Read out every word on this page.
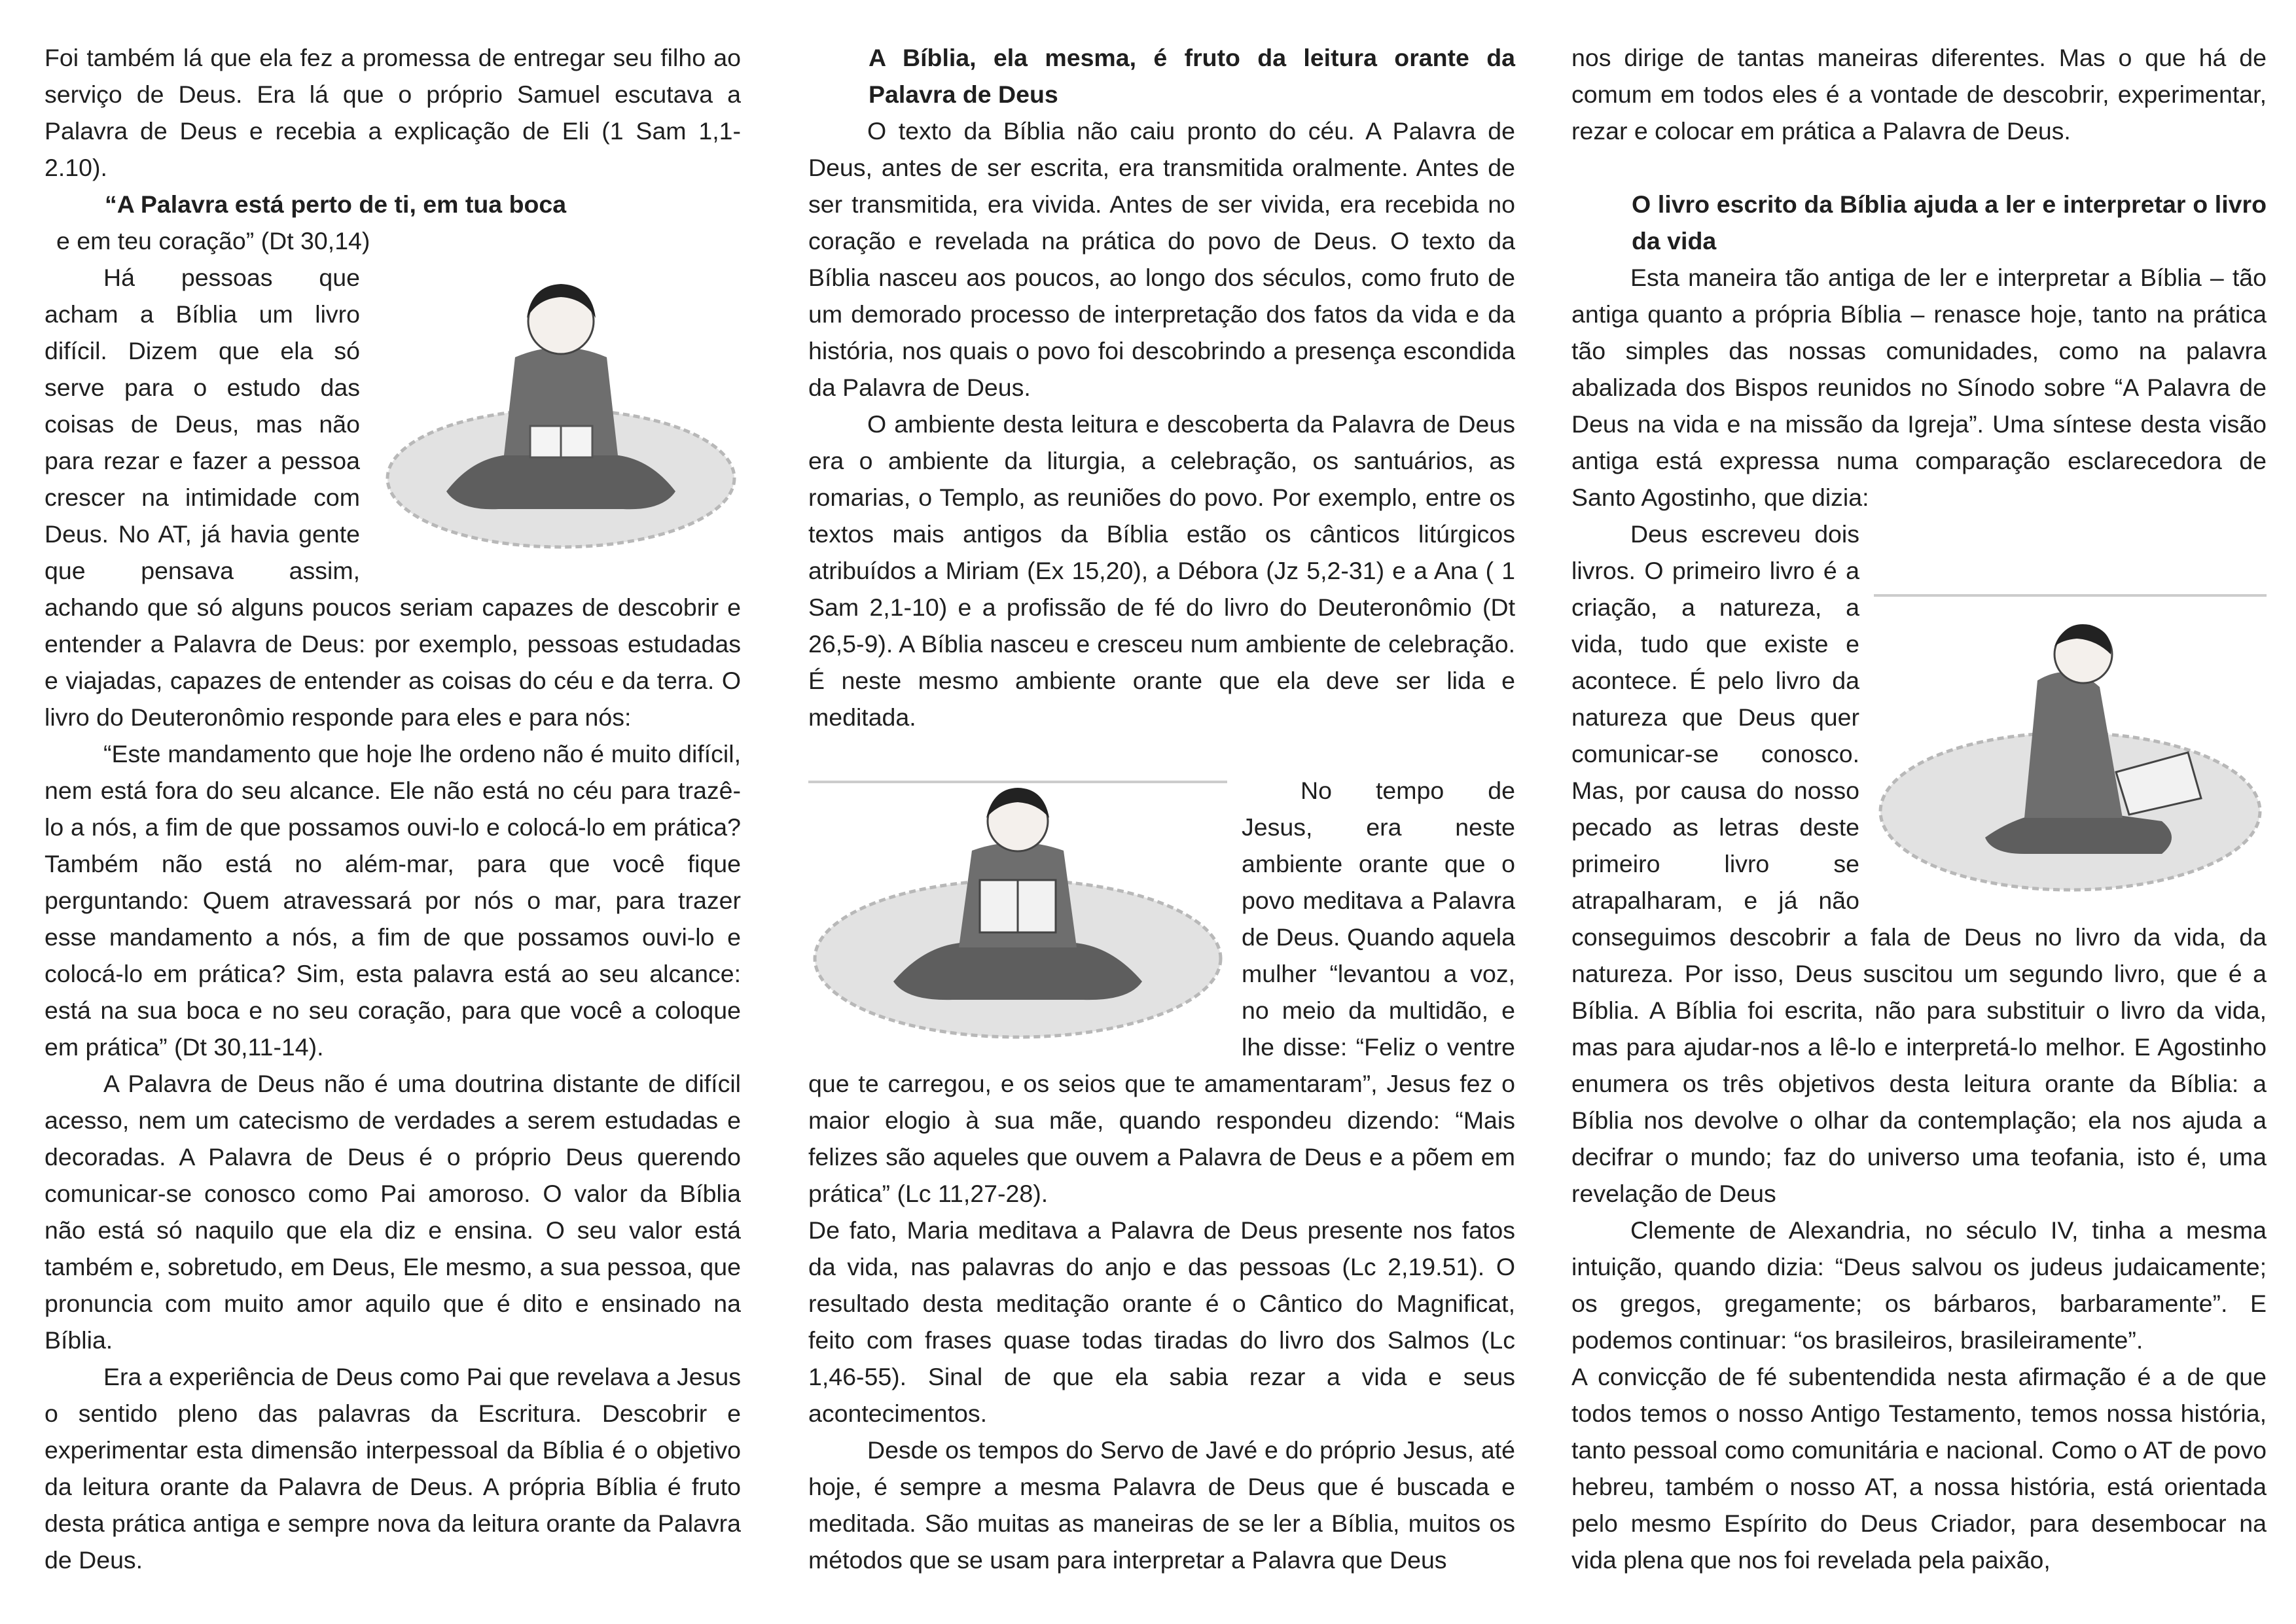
Foi também lá que ela fez a promessa de entregar seu filho ao serviço de Deus. Era lá que o próprio Samuel escutava a Palavra de Deus e recebia a explicação de Eli (1 Sam 1,1-2.10).

“A Palavra está perto de ti, em tua boca

e em teu coração” (Dt 30,14)

Há pessoas que acham a Bíblia um livro difícil. Dizem que ela só serve para o estudo das coisas de Deus, mas não para rezar e fazer a pessoa crescer na intimidade com Deus. No AT, já havia gente que pensava assim, achando que só alguns poucos seriam capazes de descobrir e entender a Palavra de Deus: por exemplo, pessoas estudadas e viajadas, capazes de entender as coisas do céu e da terra. O livro do Deuteronômio responde para eles e para nós:

“Este mandamento que hoje lhe ordeno não é muito difícil, nem está fora do seu alcance. Ele não está no céu para trazê-lo a nós, a fim de que possamos ouvi-lo e colocá-lo em prática? Também não está no além-mar, para que você fique perguntando: Quem atravessará por nós o mar, para trazer esse mandamento a nós, a fim de que possamos ouvi-lo e colocá-lo em prática? Sim, esta palavra está ao seu alcance: está na sua boca e no seu coração, para que você a coloque em prática” (Dt 30,11-14).

A Palavra de Deus não é uma doutrina distante de difícil acesso, nem um catecismo de verdades a serem estudadas e decoradas. A Palavra de Deus é o próprio Deus querendo comunicar-se conosco como Pai amoroso. O valor da Bíblia não está só naquilo que ela diz e ensina. O seu valor está também e, sobretudo, em Deus, Ele mesmo, a sua pessoa, que pronuncia com muito amor aquilo que é dito e ensinado na Bíblia.

Era a experiência de Deus como Pai que revelava a Jesus o sentido pleno das palavras da Escritura. Descobrir e experimentar esta dimensão interpessoal da Bíblia é o objetivo da leitura orante da Palavra de Deus. A própria Bíblia é fruto desta prática antiga e sempre nova da leitura orante da Palavra de Deus.

A Bíblia, ela mesma, é fruto da leitura orante da Palavra de Deus

O texto da Bíblia não caiu pronto do céu. A Palavra de Deus, antes de ser escrita, era transmitida oralmente. Antes de ser transmitida, era vivida. Antes de ser vivida, era recebida no coração e revelada na prática do povo de Deus. O texto da Bíblia nasceu aos poucos, ao longo dos séculos, como fruto de um demorado processo de interpretação dos fatos da vida e da história, nos quais o povo foi descobrindo a presença escondida da Palavra de Deus.

O ambiente desta leitura e descoberta da Palavra de Deus era o ambiente da liturgia, a celebração, os santuários, as romarias, o Templo, as reuniões do povo. Por exemplo, entre os textos mais antigos da Bíblia estão os cânticos litúrgicos atribuídos a Miriam (Ex 15,20), a Débora (Jz 5,2-31) e a Ana ( 1 Sam 2,1-10) e a profissão de fé do livro do Deuteronômio (Dt 26,5-9). A Bíblia nasceu e cresceu num ambiente de celebração. É neste mesmo ambiente orante que ela deve ser lida e meditada.

No tempo de Jesus, era neste ambiente orante que o povo meditava a Palavra de Deus. Quando aquela mulher “levantou a voz, no meio da multidão, e lhe disse: “Feliz o ventre que te carregou, e os seios que te amamentaram”, Jesus fez o maior elogio à sua mãe, quando respondeu dizendo: “Mais felizes são aqueles que ouvem a Palavra de Deus e a põem em prática” (Lc 11,27-28).

De fato, Maria meditava a Palavra de Deus presente nos fatos da vida, nas palavras do anjo e das pessoas (Lc 2,19.51). O resultado desta meditação orante é o Cântico do Magnificat, feito com frases quase todas tiradas do livro dos Salmos (Lc 1,46-55). Sinal de que ela sabia rezar a vida e seus acontecimentos.

Desde os tempos do Servo de Javé e do próprio Jesus, até hoje, é sempre a mesma Palavra de Deus que é buscada e meditada. São muitas as maneiras de se ler a Bíblia, muitos os métodos que se usam para interpretar a Palavra que Deus

nos dirige de tantas maneiras diferentes. Mas o que há de comum em todos eles é a vontade de descobrir, experimentar, rezar e colocar em prática a Palavra de Deus.

O livro escrito da Bíblia ajuda a ler e interpretar o livro da vida

Esta maneira tão antiga de ler e interpretar a Bíblia – tão antiga quanto a própria Bíblia – renasce hoje, tanto na prática tão simples das nossas comunidades, como na palavra abalizada dos Bispos reunidos no Sínodo sobre “A Palavra de Deus na vida e na missão da Igreja”. Uma síntese desta visão antiga está expressa numa comparação esclarecedora de Santo Agostinho, que dizia:

Deus escreveu dois livros. O primeiro livro é a criação, a natureza, a vida, tudo que existe e acontece. É pelo livro da natureza que Deus quer comunicar-se conosco. Mas, por causa do nosso pecado as letras deste primeiro livro se atrapalharam, e já não conseguimos descobrir a fala de Deus no livro da vida, da natureza. Por isso, Deus suscitou um segundo livro, que é a Bíblia. A Bíblia foi escrita, não para substituir o livro da vida, mas para ajudar-nos a lê-lo e interpretá-lo melhor. E Agostinho enumera os três objetivos desta leitura orante da Bíblia: a Bíblia nos devolve o olhar da contemplação; ela nos ajuda a decifrar o mundo; faz do universo uma teofania, isto é, uma revelação de Deus

Clemente de Alexandria, no século IV, tinha a mesma intuição, quando dizia: “Deus salvou os judeus judaicamente; os gregos, gregamente; os bárbaros, barbaramente”. E podemos continuar: “os brasileiros, brasileiramente”.

A convicção de fé subentendida nesta afirmação é a de que todos temos o nosso Antigo Testamento, temos nossa história, tanto pessoal como comunitária e nacional. Como o AT de povo hebreu, também o nosso AT, a nossa história, está orientada pelo mesmo Espírito do Deus Criador, para desembocar na vida plena que nos foi revelada pela paixão,
